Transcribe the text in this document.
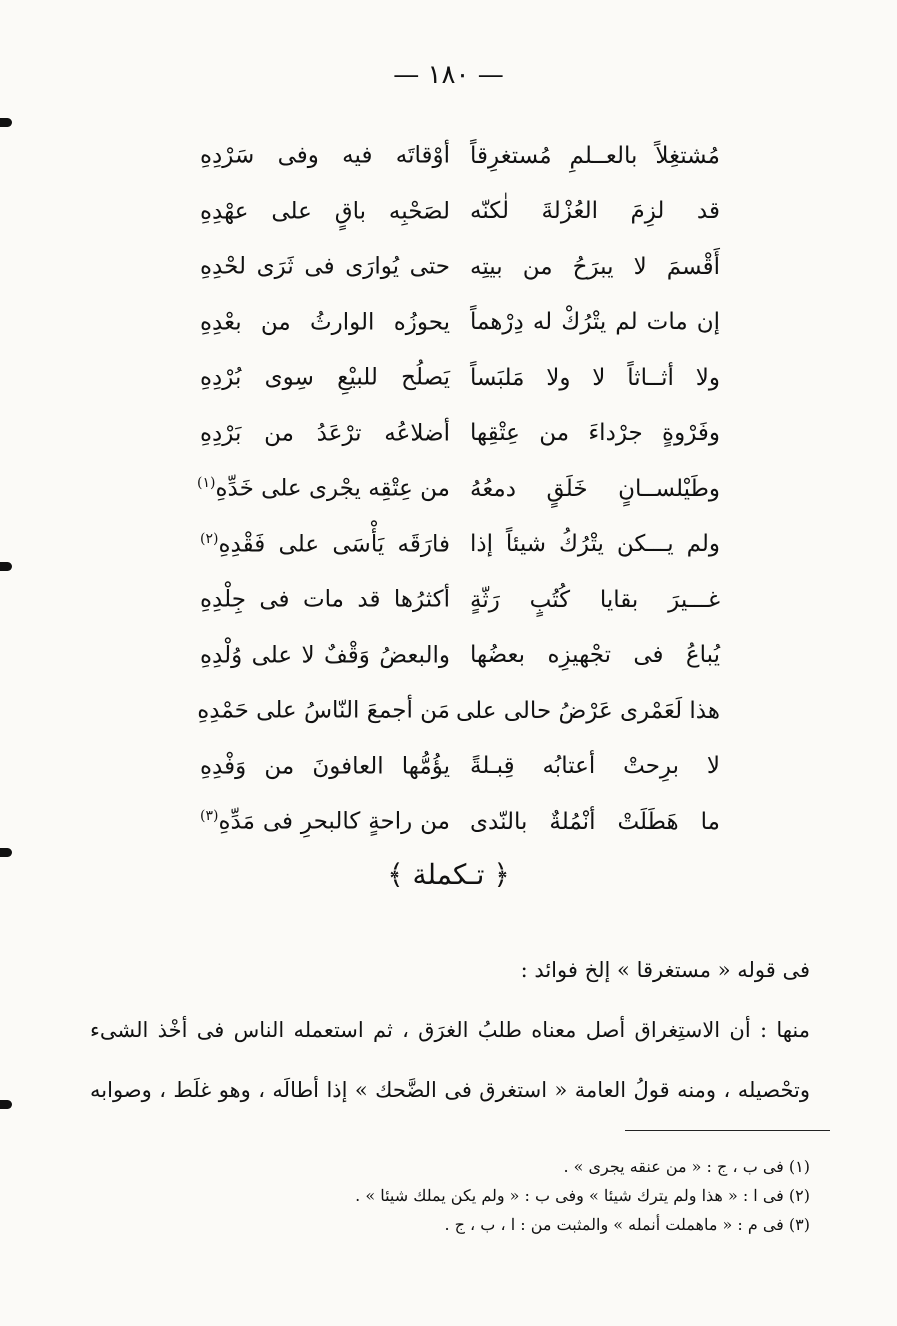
— ١٨٠ —
مُشتغِلاً بالعــلمِ مُستغرِقاً
أوْقاتَه فيه وفى سَرْدِهِ
قد لزِمَ العُزْلةَ لٰكنّه
لصَحْبِه باقٍ على عهْدِهِ
أَقْسمَ لا يبرَحُ من بيتِه
حتى يُوارَى فى ثَرَى لحْدِهِ
إن مات لم يتْرُكْ له دِرْهماً
يحوزُه الوارثُ من بعْدِهِ
ولا أثــاثاً لا ولا مَلبَساً
يَصلُح للبيْعِ سِوى بُرْدِهِ
وفَرْوةٍ جرْداءَ من عِتْقِها
أضلاعُه ترْعَدُ من بَرْدِهِ
وطَيْلســانٍ خَلَقٍ دمعُهُ
من عِتْقِه يجْرى على خَدِّهِ$^{(١)}$
ولم يـــكن يتْرُكُ شيئاً إذا
فارَقَه يَأْسَى على فَقْدِهِ$^{(٢)}$
غـــيرَ بقايا كُتُبٍ رَثّةٍ
أكثرُها قد مات فى جِلْدِهِ
يُباعُ فى تجْهيزِه بعضُها
والبعضُ وَقْفٌ لا على وُلْدِهِ
هذا لَعَمْرى عَرْضُ حالى على
مَن أجمعَ النّاسُ على حَمْدِهِ
لا برِحتْ أعتابُه قِبـلةً
يؤُمُّها العافونَ من وَفْدِهِ
ما هَطَلَتْ أنْمُلةٌ بالنّدى
من راحةٍ كالبحرِ فى مَدِّهِ$^{(٣)}$
﴿ تـكملة ﴾
فى قوله « مستغرقا » إلخ فوائد :
منها : أن الاستِغراق أصل معناه طلبُ الغرَق ، ثم استعمله الناس فى أخْذ الشىء
وتحْصيله ، ومنه قولُ العامة « استغرق فى الضَّحك » إذا أطالَه ، وهو غلَط ، وصوابه
(١) فى ب ، ج : « من عنقه يجرى » .
(٢) فى ا : « هذا ولم يترك شيئا » وفى ب : « ولم يكن يملك شيئا » .
(٣) فى م : « ماهملت أنمله » والمثبت من : ا ، ب ، ج .
